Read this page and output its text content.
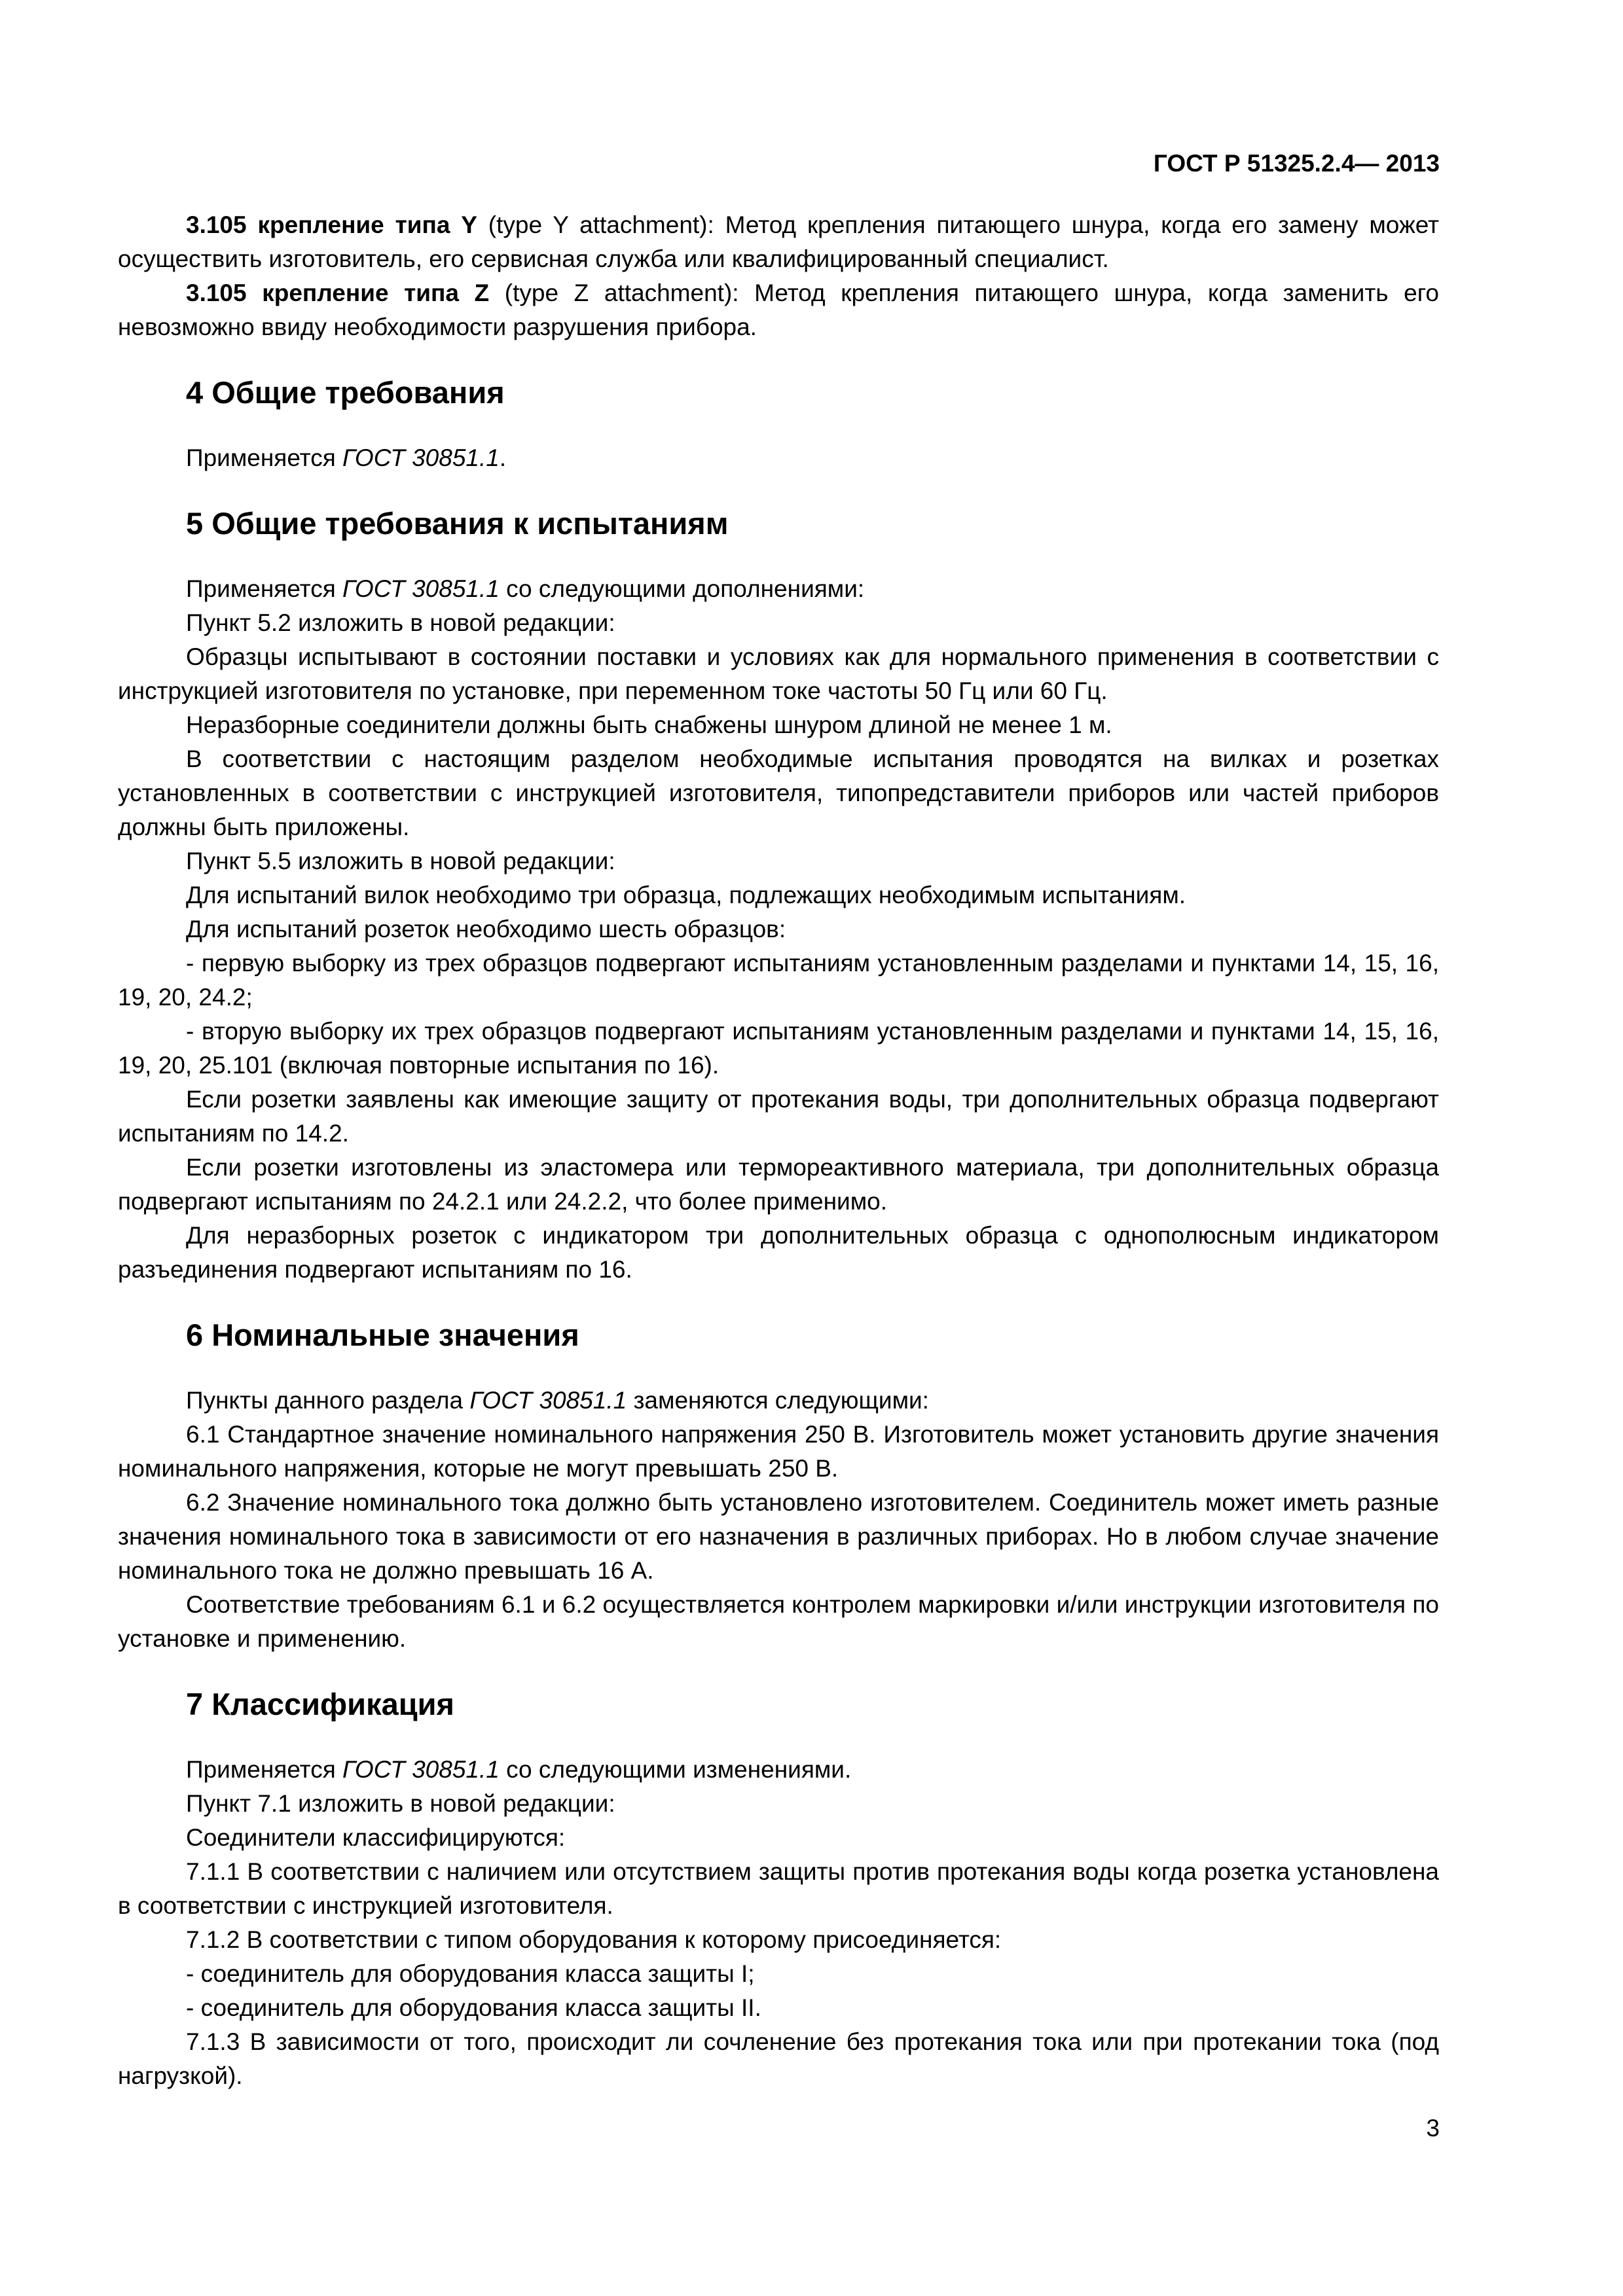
ГОСТ Р 51325.2.4— 2013

3.105 крепление типа Y (type Y attachment): Метод крепления питающего шнура, когда его замену может осуществить изготовитель, его сервисная служба или квалифицированный специалист.

3.105 крепление типа Z (type Z attachment): Метод крепления питающего шнура, когда заменить его невозможно ввиду необходимости разрушения прибора.

4 Общие требования

Применяется ГОСТ 30851.1.

5 Общие требования к испытаниям

Применяется ГОСТ 30851.1 со следующими дополнениями:

Пункт 5.2 изложить в новой редакции:

Образцы испытывают в состоянии поставки и условиях как для нормального применения в соответствии с инструкцией изготовителя по установке, при переменном токе частоты 50 Гц или 60 Гц.

Неразборные соединители должны быть снабжены шнуром длиной не менее 1 м.

В соответствии с настоящим разделом необходимые испытания проводятся на вилках и розетках установленных в соответствии с инструкцией изготовителя, типопредставители приборов или частей приборов должны быть приложены.

Пункт 5.5 изложить в новой редакции:

Для испытаний вилок необходимо три образца, подлежащих необходимым испытаниям.

Для испытаний розеток необходимо шесть образцов:

- первую выборку из трех образцов подвергают испытаниям установленным разделами и пунктами 14, 15, 16, 19, 20, 24.2;

- вторую выборку их трех образцов подвергают испытаниям установленным разделами и пунктами 14, 15, 16, 19, 20, 25.101 (включая повторные испытания по 16).

Если розетки заявлены как имеющие защиту от протекания воды, три дополнительных образца подвергают испытаниям по 14.2.

Если розетки изготовлены из эластомера или термореактивного материала, три дополнительных образца подвергают испытаниям по 24.2.1 или 24.2.2, что более применимо.

Для неразборных розеток с индикатором три дополнительных образца с однополюсным индикатором разъединения подвергают испытаниям по 16.

6 Номинальные значения

Пункты данного раздела ГОСТ 30851.1 заменяются следующими:

6.1 Стандартное значение номинального напряжения 250 В. Изготовитель может установить другие значения номинального напряжения, которые не могут превышать 250 В.

6.2 Значение номинального тока должно быть установлено изготовителем. Соединитель может иметь разные значения номинального тока в зависимости от его назначения в различных приборах. Но в любом случае значение номинального тока не должно превышать 16 А.

Соответствие требованиям 6.1 и 6.2 осуществляется контролем маркировки и/или инструкции изготовителя по установке и применению.

7 Классификация

Применяется ГОСТ 30851.1 со следующими изменениями.

Пункт 7.1 изложить в новой редакции:

Соединители классифицируются:

7.1.1 В соответствии с наличием или отсутствием защиты против протекания воды когда розетка установлена в соответствии с инструкцией изготовителя.

7.1.2 В соответствии с типом оборудования к которому присоединяется:

- соединитель для оборудования класса защиты I;

- соединитель для оборудования класса защиты II.

7.1.3 В зависимости от того, происходит ли сочленение без протекания тока или при протекании тока (под нагрузкой).

3
